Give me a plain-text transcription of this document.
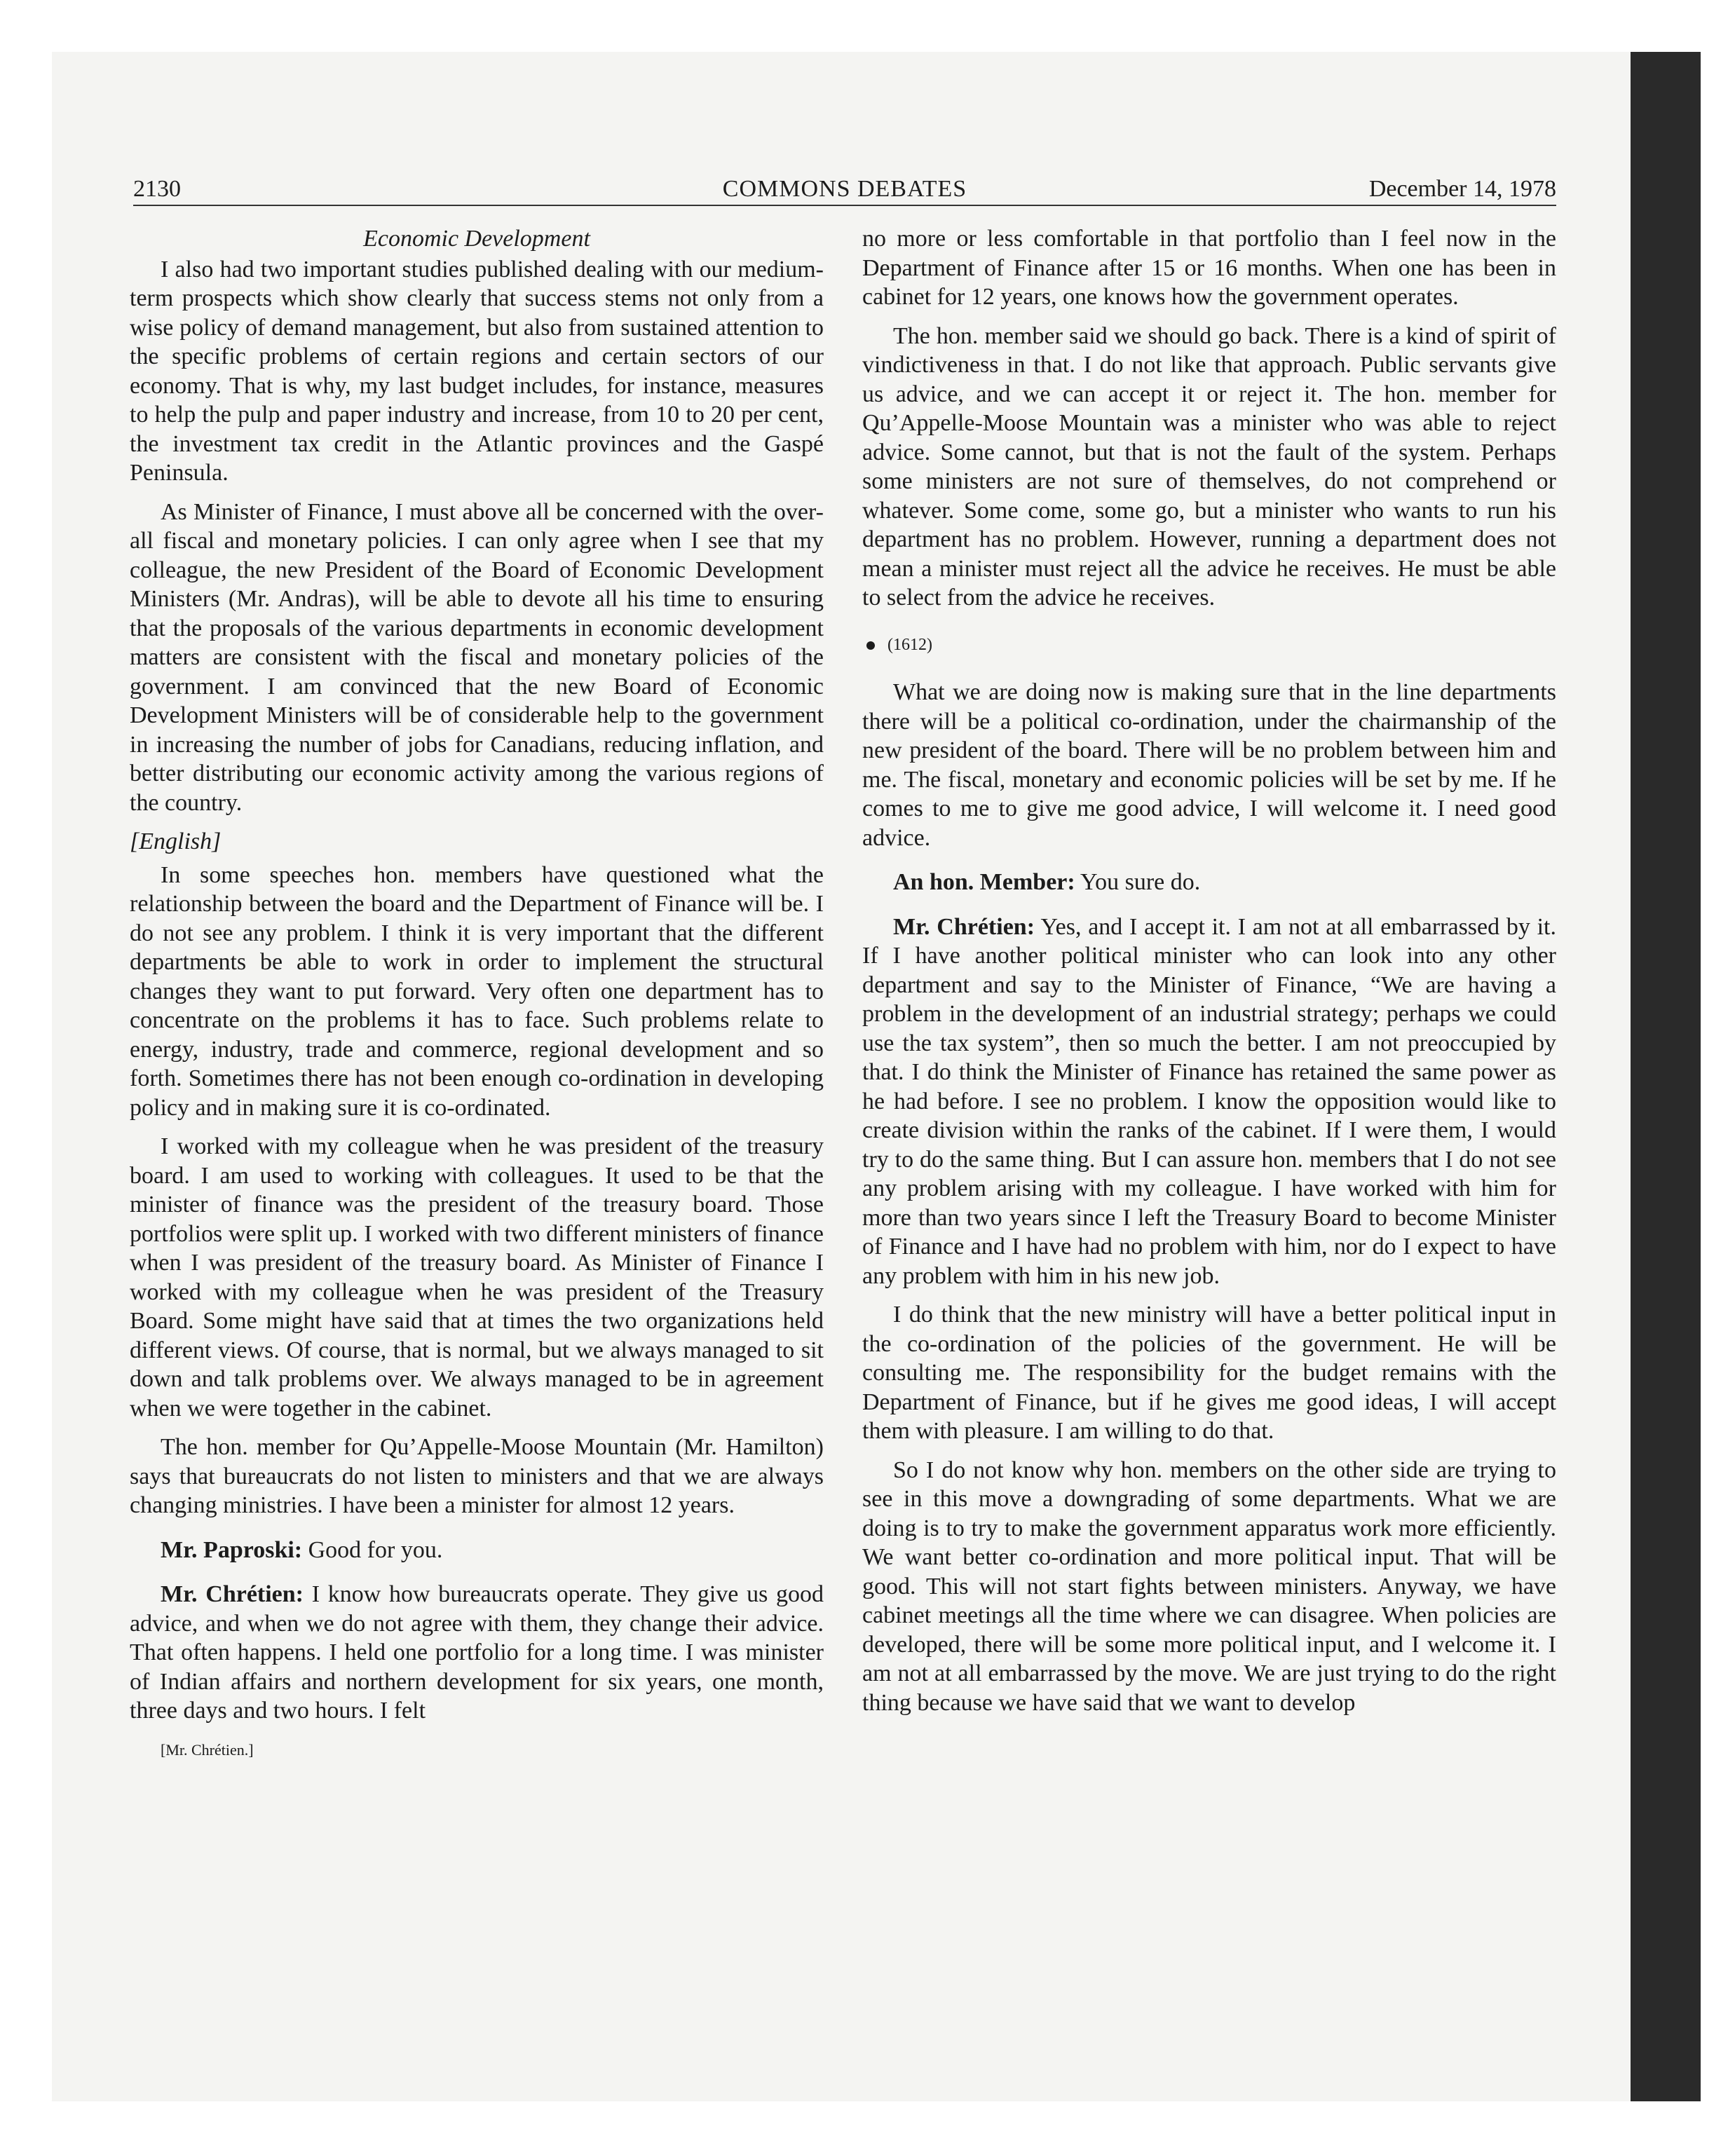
2130	COMMONS DEBATES	December 14, 1978
Economic Development

I also had two important studies published dealing with our medium-term prospects which show clearly that success stems not only from a wise policy of demand management, but also from sustained attention to the specific problems of certain regions and certain sectors of our economy. That is why, my last budget includes, for instance, measures to help the pulp and paper industry and increase, from 10 to 20 per cent, the investment tax credit in the Atlantic provinces and the Gaspé Peninsula.

As Minister of Finance, I must above all be concerned with the over-all fiscal and monetary policies. I can only agree when I see that my colleague, the new President of the Board of Economic Development Ministers (Mr. Andras), will be able to devote all his time to ensuring that the proposals of the various departments in economic development matters are consistent with the fiscal and monetary policies of the government. I am convinced that the new Board of Economic Development Ministers will be of considerable help to the government in increasing the number of jobs for Canadians, reducing inflation, and better distributing our economic activity among the various regions of the country.

[English]

In some speeches hon. members have questioned what the relationship between the board and the Department of Finance will be. I do not see any problem. I think it is very important that the different departments be able to work in order to implement the structural changes they want to put forward. Very often one department has to concentrate on the problems it has to face. Such problems relate to energy, industry, trade and commerce, regional development and so forth. Sometimes there has not been enough co-ordination in developing policy and in making sure it is co-ordinated.

I worked with my colleague when he was president of the treasury board. I am used to working with colleagues. It used to be that the minister of finance was the president of the treasury board. Those portfolios were split up. I worked with two different ministers of finance when I was president of the treasury board. As Minister of Finance I worked with my colleague when he was president of the Treasury Board. Some might have said that at times the two organizations held different views. Of course, that is normal, but we always managed to sit down and talk problems over. We always managed to be in agreement when we were together in the cabinet.

The hon. member for Qu’Appelle-Moose Mountain (Mr. Hamilton) says that bureaucrats do not listen to ministers and that we are always changing ministries. I have been a minister for almost 12 years.

Mr. Paproski: Good for you.

Mr. Chrétien: I know how bureaucrats operate. They give us good advice, and when we do not agree with them, they change their advice. That often happens. I held one portfolio for a long time. I was minister of Indian affairs and northern development for six years, one month, three days and two hours. I felt

[Mr. Chrétien.]

no more or less comfortable in that portfolio than I feel now in the Department of Finance after 15 or 16 months. When one has been in cabinet for 12 years, one knows how the government operates.

The hon. member said we should go back. There is a kind of spirit of vindictiveness in that. I do not like that approach. Public servants give us advice, and we can accept it or reject it. The hon. member for Qu’Appelle-Moose Mountain was a minister who was able to reject advice. Some cannot, but that is not the fault of the system. Perhaps some ministers are not sure of themselves, do not comprehend or whatever. Some come, some go, but a minister who wants to run his department has no problem. However, running a department does not mean a minister must reject all the advice he receives. He must be able to select from the advice he receives.

(1612)

What we are doing now is making sure that in the line departments there will be a political co-ordination, under the chairmanship of the new president of the board. There will be no problem between him and me. The fiscal, monetary and economic policies will be set by me. If he comes to me to give me good advice, I will welcome it. I need good advice.

An hon. Member: You sure do.

Mr. Chrétien: Yes, and I accept it. I am not at all embarrassed by it. If I have another political minister who can look into any other department and say to the Minister of Finance, “We are having a problem in the development of an industrial strategy; perhaps we could use the tax system”, then so much the better. I am not preoccupied by that. I do think the Minister of Finance has retained the same power as he had before. I see no problem. I know the opposition would like to create division within the ranks of the cabinet. If I were them, I would try to do the same thing. But I can assure hon. members that I do not see any problem arising with my colleague. I have worked with him for more than two years since I left the Treasury Board to become Minister of Finance and I have had no problem with him, nor do I expect to have any problem with him in his new job.

I do think that the new ministry will have a better political input in the co-ordination of the policies of the government. He will be consulting me. The responsibility for the budget remains with the Department of Finance, but if he gives me good ideas, I will accept them with pleasure. I am willing to do that.

So I do not know why hon. members on the other side are trying to see in this move a downgrading of some departments. What we are doing is to try to make the government apparatus work more efficiently. We want better co-ordination and more political input. That will be good. This will not start fights between ministers. Anyway, we have cabinet meetings all the time where we can disagree. When policies are developed, there will be some more political input, and I welcome it. I am not at all embarrassed by the move. We are just trying to do the right thing because we have said that we want to develop
